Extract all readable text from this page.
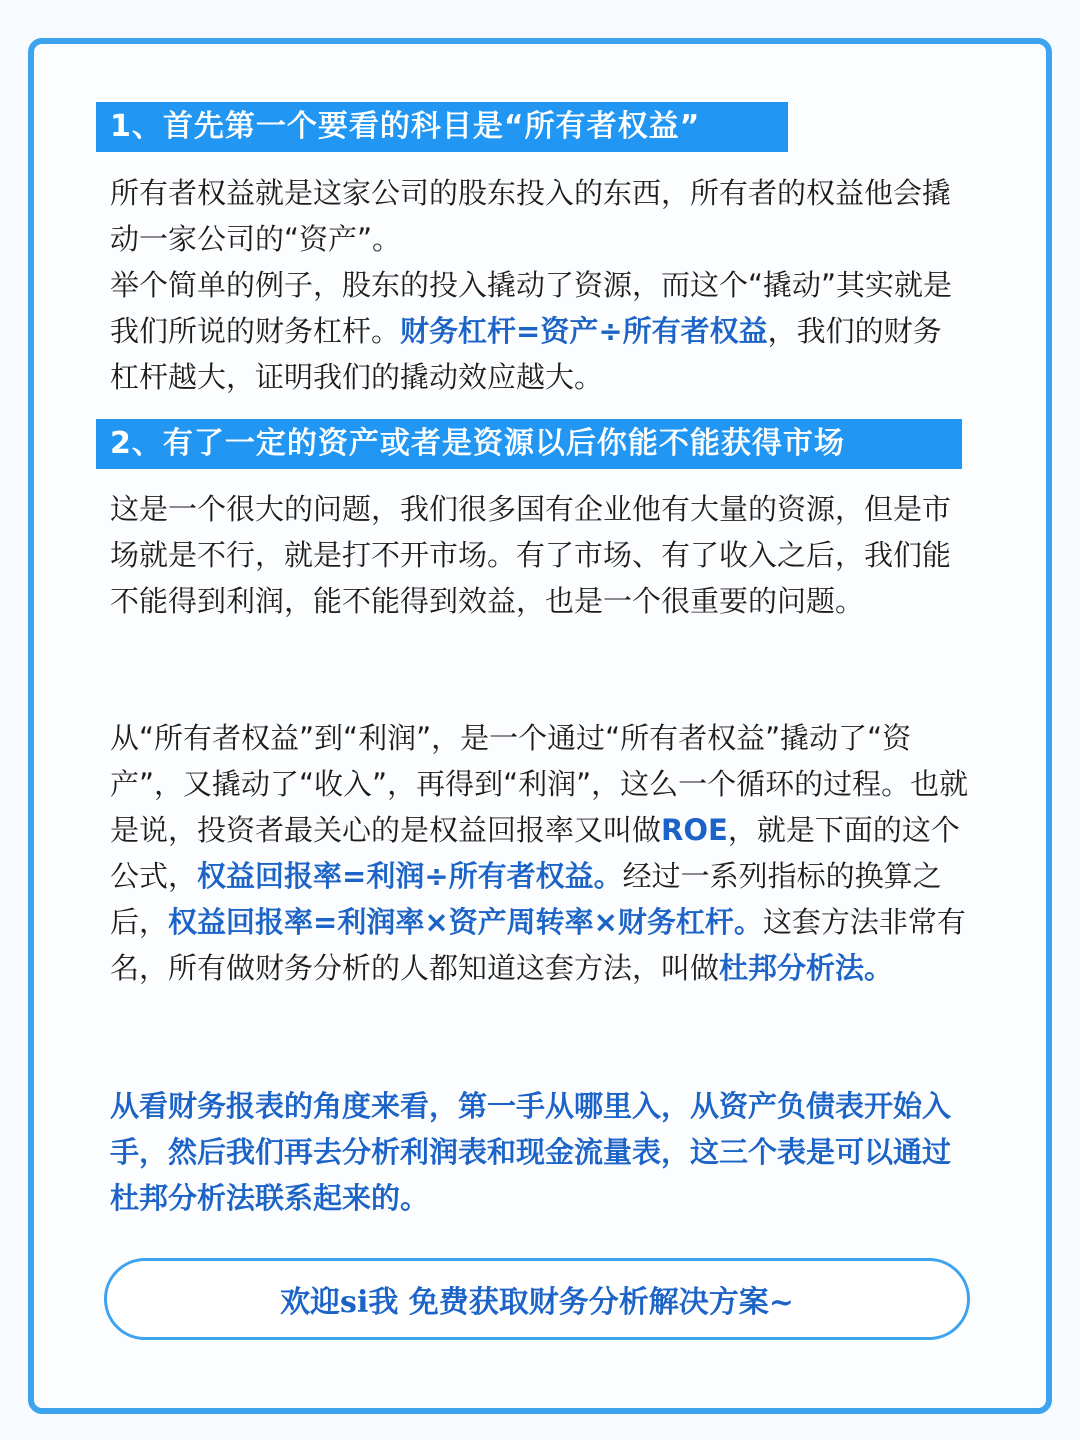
1、首先第一个要看的科目是“所有者权益”

所有者权益就是这家公司的股东投入的东西，所有者的权益他会撬动一家公司的“资产”。
举个简单的例子，股东的投入撬动了资源，而这个“撬动”其实就是我们所说的财务杠杆。财务杠杆=资产÷所有者权益，我们的财务杠杆越大，证明我们的撬动效应越大。

2、有了一定的资产或者是资源以后你能不能获得市场

这是一个很大的问题，我们很多国有企业他有大量的资源，但是市场就是不行，就是打不开市场。有了市场、有了收入之后，我们能不能得到利润，能不能得到效益，也是一个很重要的问题。

从“所有者权益”到“利润”，是一个通过“所有者权益”撬动了“资产”，又撬动了“收入”，再得到“利润”，这么一个循环的过程。也就是说，投资者最关心的是权益回报率又叫做ROE，就是下面的这个公式，权益回报率=利润÷所有者权益。经过一系列指标的换算之后，权益回报率=利润率×资产周转率×财务杠杆。这套方法非常有名，所有做财务分析的人都知道这套方法，叫做杜邦分析法。

从看财务报表的角度来看，第一手从哪里入，从资产负债表开始入手，然后我们再去分析利润表和现金流量表，这三个表是可以通过杜邦分析法联系起来的。

欢迎si我 免费获取财务分析解决方案~
